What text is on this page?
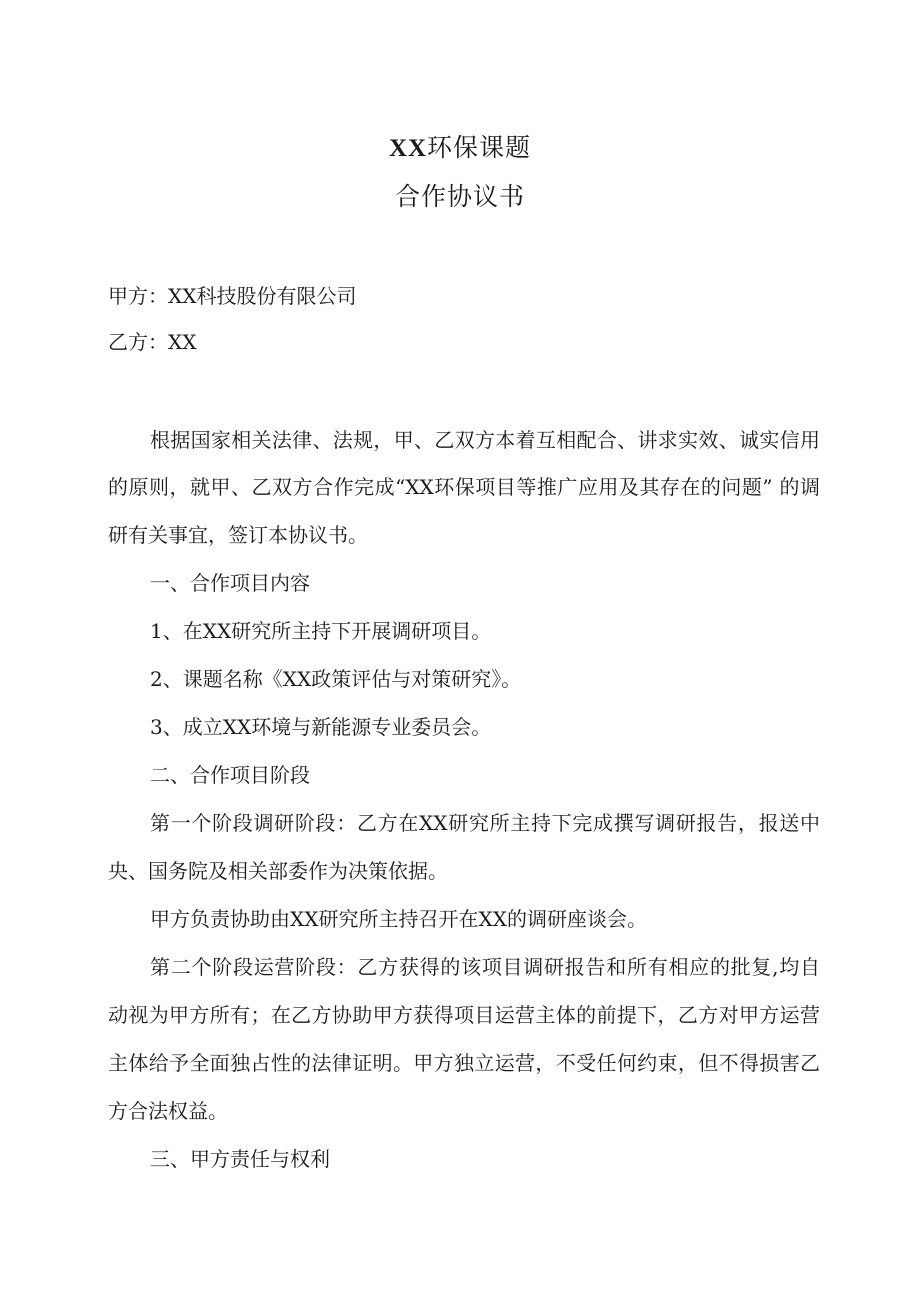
XX环保课题
合作协议书
甲方：XX科技股份有限公司
乙方：XX
根据国家相关法律、法规，甲、乙双方本着互相配合、讲求实效、诚实信用
的原则，就甲、乙双方合作完成“XX环保项目等推广应用及其存在的问题” 的调
研有关事宜，签订本协议书。
一、合作项目内容
1、在XX研究所主持下开展调研项目。
2、课题名称《XX政策评估与对策研究》。
3、成立XX环境与新能源专业委员会。
二、合作项目阶段
第一个阶段调研阶段：乙方在XX研究所主持下完成撰写调研报告，报送中
央、国务院及相关部委作为决策依据。
甲方负责协助由XX研究所主持召开在XX的调研座谈会。
第二个阶段运营阶段：乙方获得的该项目调研报告和所有相应的批复,均自
动视为甲方所有；在乙方协助甲方获得项目运营主体的前提下，乙方对甲方运营
主体给予全面独占性的法律证明。甲方独立运营，不受任何约束，但不得损害乙
方合法权益。
三、甲方责任与权利
